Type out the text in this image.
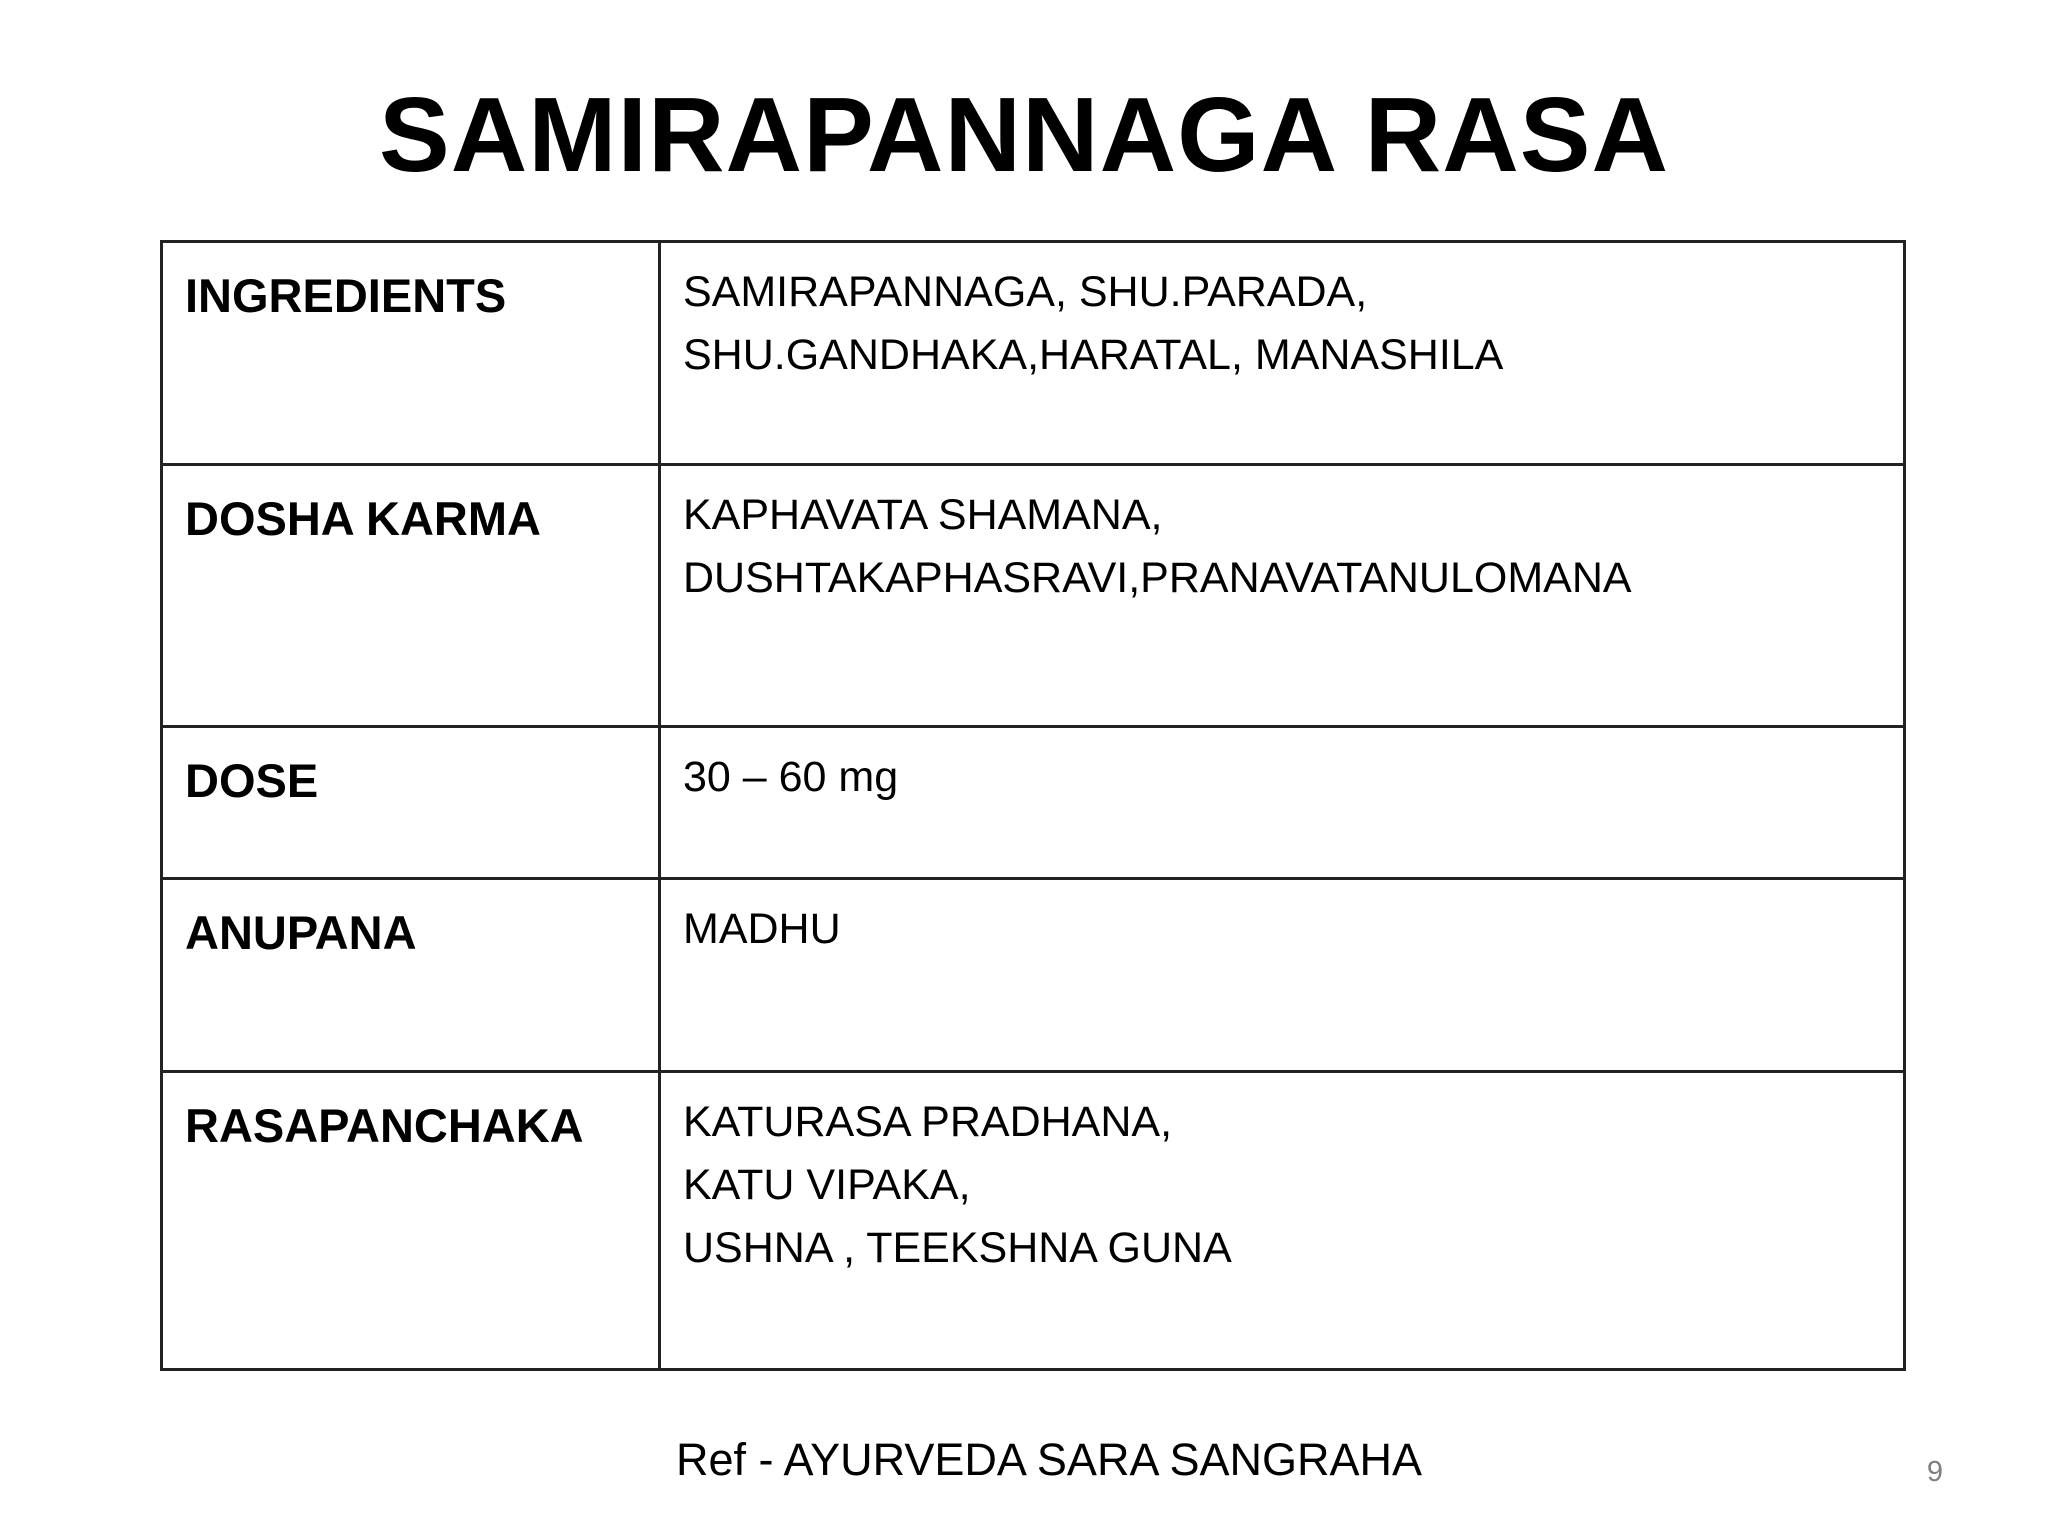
SAMIRAPANNAGA RASA
INGREDIENTS	SAMIRAPANNAGA, SHU.PARADA,
SHU.GANDHAKA,HARATAL, MANASHILA
DOSHA KARMA	KAPHAVATA SHAMANA,
DUSHTAKAPHASRAVI,PRANAVATANULOMANA
DOSE	30 – 60 mg
ANUPANA	MADHU
RASAPANCHAKA	KATURASA PRADHANA,
KATU VIPAKA,
USHNA , TEEKSHNA GUNA
Ref - AYURVEDA SARA SANGRAHA	9
